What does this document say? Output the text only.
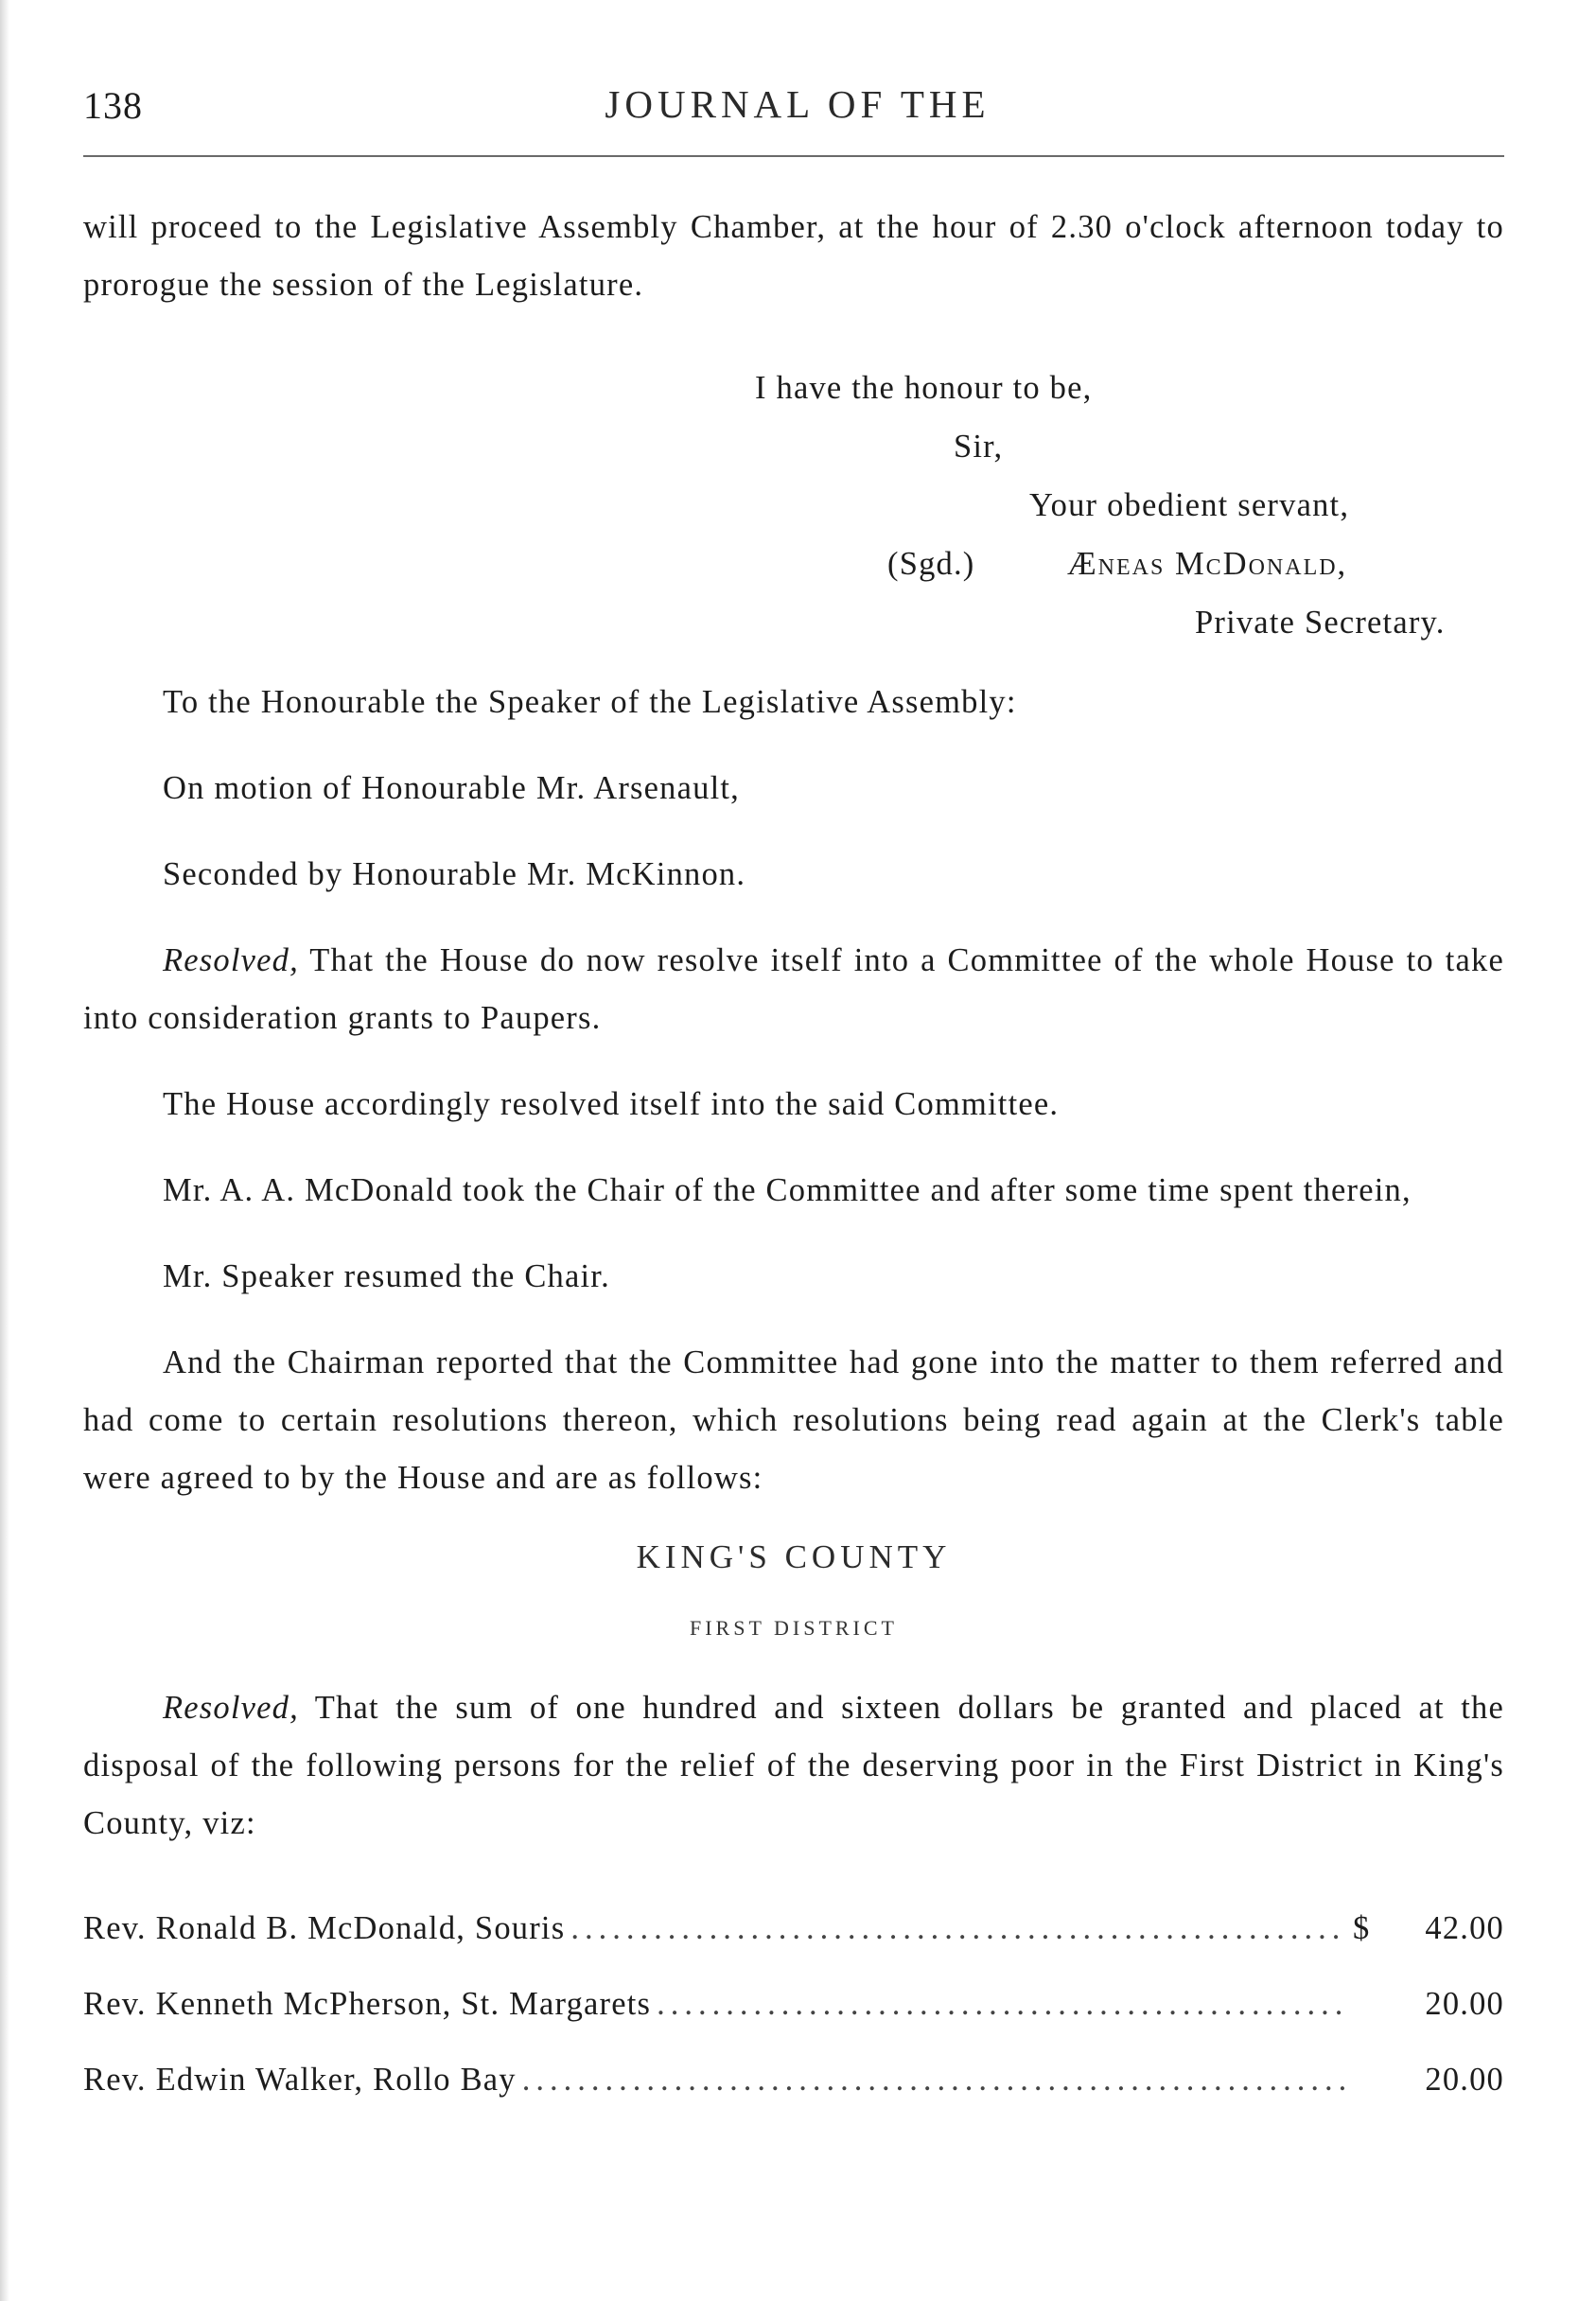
138	JOURNAL OF THE

will proceed to the Legislative Assembly Chamber, at the hour of 2.30 o'clock afternoon today to prorogue the session of the Legislature.

I have the honour to be,
Sir,
Your obedient servant,
(Sgd.)	Æneas McDonald,
Private Secretary.

To the Honourable the Speaker of the Legislative Assembly:

On motion of Honourable Mr. Arsenault,

Seconded by Honourable Mr. McKinnon.

Resolved, That the House do now resolve itself into a Committee of the whole House to take into consideration grants to Paupers.

The House accordingly resolved itself into the said Committee.

Mr. A. A. McDonald took the Chair of the Committee and after some time spent therein,

Mr. Speaker resumed the Chair.

And the Chairman reported that the Committee had gone into the matter to them referred and had come to certain resolutions thereon, which resolutions being read again at the Clerk's table were agreed to by the House and are as follows:

KING'S COUNTY
FIRST DISTRICT

Resolved, That the sum of one hundred and sixteen dollars be granted and placed at the disposal of the following persons for the relief of the deserving poor in the First District in King's County, viz:

Rev. Ronald B. McDonald, Souris .....	$	42.00
Rev. Kenneth McPherson, St. Margarets .....	20.00
Rev. Edwin Walker, Rollo Bay .....	20.00
